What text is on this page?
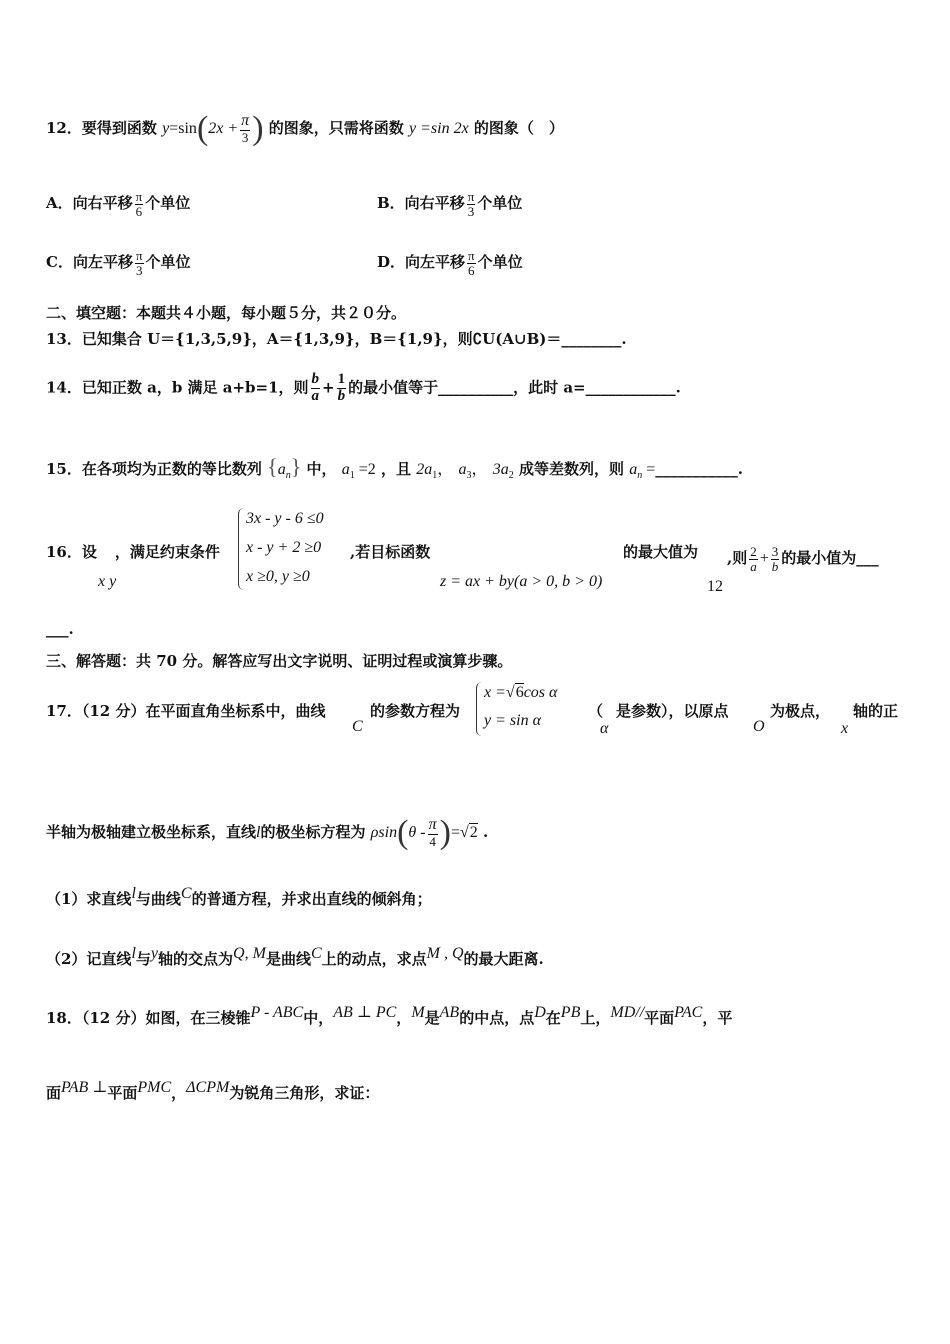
12．要得到函数 $y=\sin(2x + \frac{\pi}{3}$ ) 的图象，只需将函数 y =sin 2x 的图象（　）
A．向右平移 $\frac{\pi}{6}$ 个单位	B．向右平移 $\frac{\pi}{3}$ 个单位
C．向左平移 $\frac{\pi}{3}$ 个单位	D．向左平移 $\frac{\pi}{6}$ 个单位
二、填空题：本题共４小题，每小题５分，共２０分。
13．已知集合 U＝{1,3,5,9}，A＝{1,3,9}，B＝{1,9}，则∁U(A∪B)＝________.
14．已知正数 a，b 满足 a+b=1，则 $\frac{b}{a} + \frac{1}{b}$ 的最小值等于__________，此时 a=____________.
15．在各项均为正数的等比数列 $\{a_n\}$ 中， $a_1 =2$ ，且 $2a_1$， $a_3$， $3a_2$ 成等差数列，则 $a_n$ =___________.
16．设 ，满足约束条件
x y
3x - y - 6 ≤0
x - y + 2 ≥0
x ≥0, y ≥0
,若目标函数
z = ax + by(a > 0, b > 0)
的最大值为
12
,则 $\frac{2}{a} + \frac{3}{b}$ 的最小值为___
___.
三、解答题：共 70 分。解答应写出文字说明、证明过程或演算步骤。
17．（12 分）在平面直角坐标系中，曲线
C
的参数方程为
x =√6cos α
y = sin α
（
α
是参数），以原点
O
为极点，
x
轴的正
半轴为极轴建立极坐标系，直线l的极坐标方程为 $\rho\sin(\theta - \frac{\pi}{4} )=√2$ .
（1）求直线l与曲线C的普通方程，并求出直线的倾斜角；
（2）记直线l与y轴的交点为Q, M是曲线C上的动点，求点M , Q的最大距离.
18．（12 分）如图，在三棱锥P - ABC中，AB ⊥ PC，M是AB的中点，点D在PB上，MD//平面PAC，平
面PAB ⊥平面PMC，ΔCPM为锐角三角形，求证：
